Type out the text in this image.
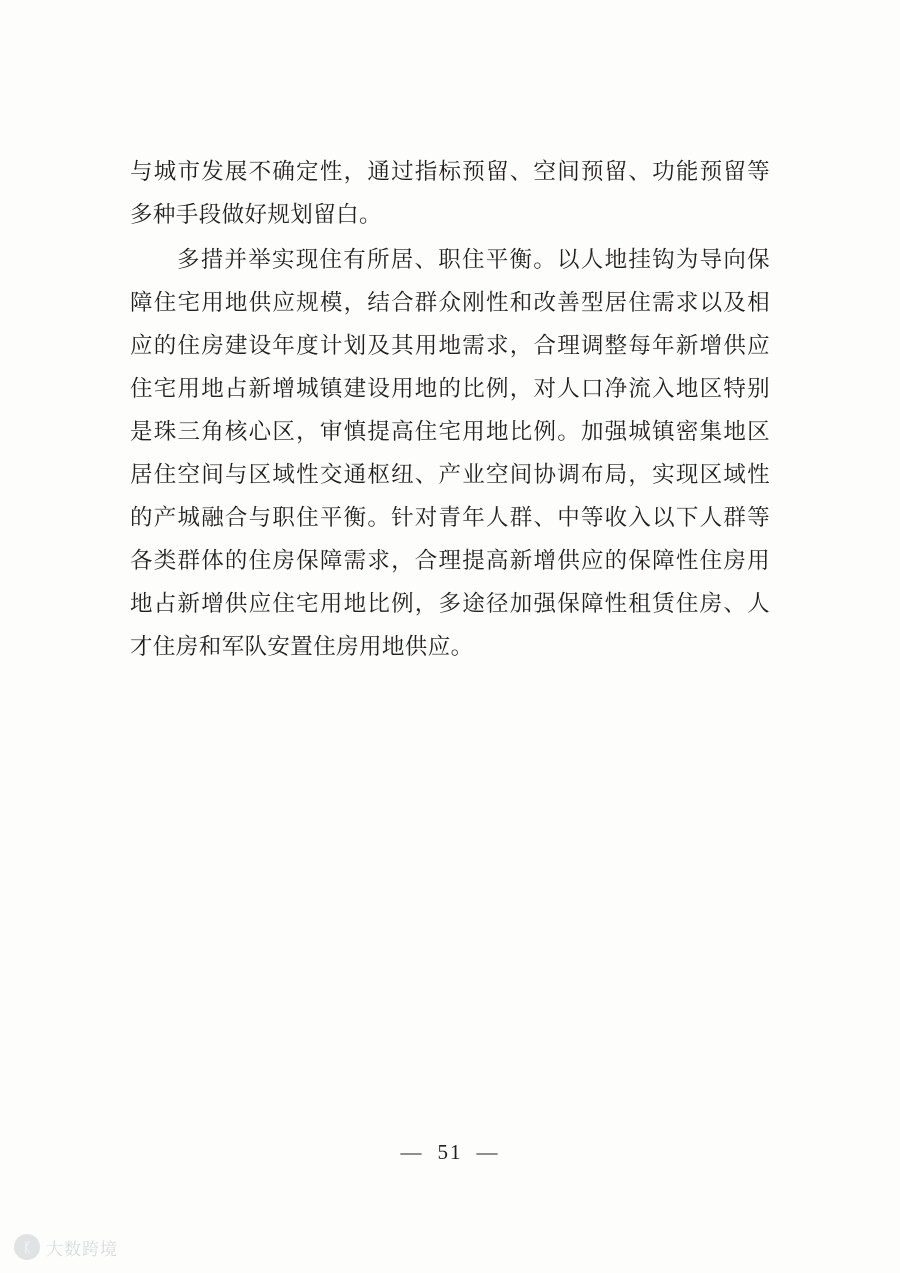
与城市发展不确定性，通过指标预留、空间预留、功能预留等多种手段做好规划留白。

多措并举实现住有所居、职住平衡。以人地挂钩为导向保障住宅用地供应规模，结合群众刚性和改善型居住需求以及相应的住房建设年度计划及其用地需求，合理调整每年新增供应住宅用地占新增城镇建设用地的比例，对人口净流入地区特别是珠三角核心区，审慎提高住宅用地比例。加强城镇密集地区居住空间与区域性交通枢纽、产业空间协调布局，实现区域性的产城融合与职住平衡。针对青年人群、中等收入以下人群等各类群体的住房保障需求，合理提高新增供应的保障性住房用地占新增供应住宅用地比例，多途径加强保障性租赁住房、人才住房和军队安置住房用地供应。

— 51 —
ᛕ 大数跨境
